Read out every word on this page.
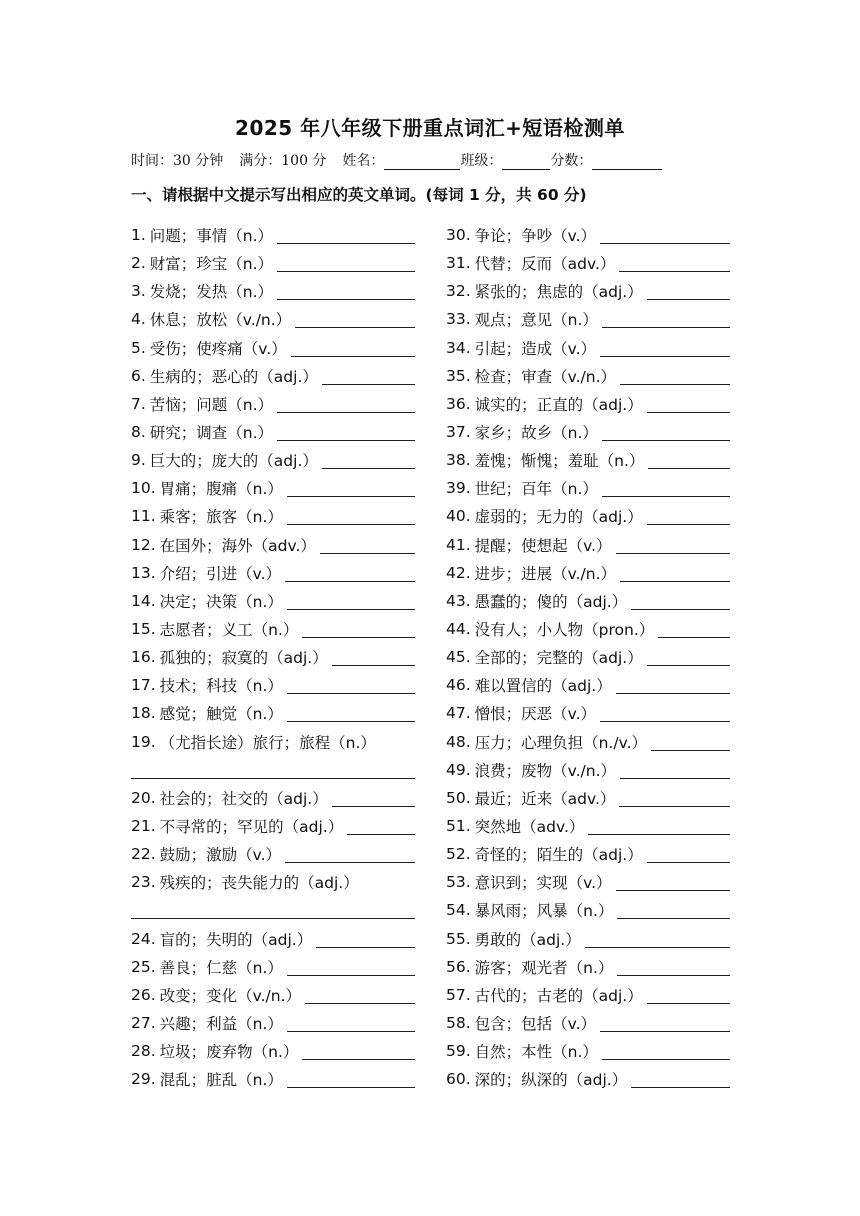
2025 年八年级下册重点词汇+短语检测单
时间：30 分钟 满分：100 分 姓名：	班级：	分数：
一、请根据中文提示写出相应的英文单词。(每词 1 分，共 60 分)
1. 问题；事情（n.）
2. 财富；珍宝（n.）
3. 发烧；发热（n.）
4. 休息；放松（v./n.）
5. 受伤；使疼痛（v.）
6. 生病的；恶心的（adj.）
7. 苦恼；问题（n.）
8. 研究；调查（n.）
9. 巨大的；庞大的（adj.）
10. 胃痛；腹痛（n.）
11. 乘客；旅客（n.）
12. 在国外；海外（adv.）
13. 介绍；引进（v.）
14. 决定；决策（n.）
15. 志愿者；义工（n.）
16. 孤独的；寂寞的（adj.）
17. 技术；科技（n.）
18. 感觉；触觉（n.）
19. （尤指长途）旅行；旅程（n.）
20. 社会的；社交的（adj.）
21. 不寻常的；罕见的（adj.）
22. 鼓励；激励（v.）
23. 残疾的；丧失能力的（adj.）
24. 盲的；失明的（adj.）
25. 善良；仁慈（n.）
26. 改变；变化（v./n.）
27. 兴趣；利益（n.）
28. 垃圾；废弃物（n.）
29. 混乱；脏乱（n.）
30. 争论；争吵（v.）
31. 代替；反而（adv.）
32. 紧张的；焦虑的（adj.）
33. 观点；意见（n.）
34. 引起；造成（v.）
35. 检查；审查（v./n.）
36. 诚实的；正直的（adj.）
37. 家乡；故乡（n.）
38. 羞愧；惭愧；羞耻（n.）
39. 世纪；百年（n.）
40. 虚弱的；无力的（adj.）
41. 提醒；使想起（v.）
42. 进步；进展（v./n.）
43. 愚蠢的；傻的（adj.）
44. 没有人；小人物（pron.）
45. 全部的；完整的（adj.）
46. 难以置信的（adj.）
47. 憎恨；厌恶（v.）
48. 压力；心理负担（n./v.）
49. 浪费；废物（v./n.）
50. 最近；近来（adv.）
51. 突然地（adv.）
52. 奇怪的；陌生的（adj.）
53. 意识到；实现（v.）
54. 暴风雨；风暴（n.）
55. 勇敢的（adj.）
56. 游客；观光者（n.）
57. 古代的；古老的（adj.）
58. 包含；包括（v.）
59. 自然；本性（n.）
60. 深的；纵深的（adj.）
